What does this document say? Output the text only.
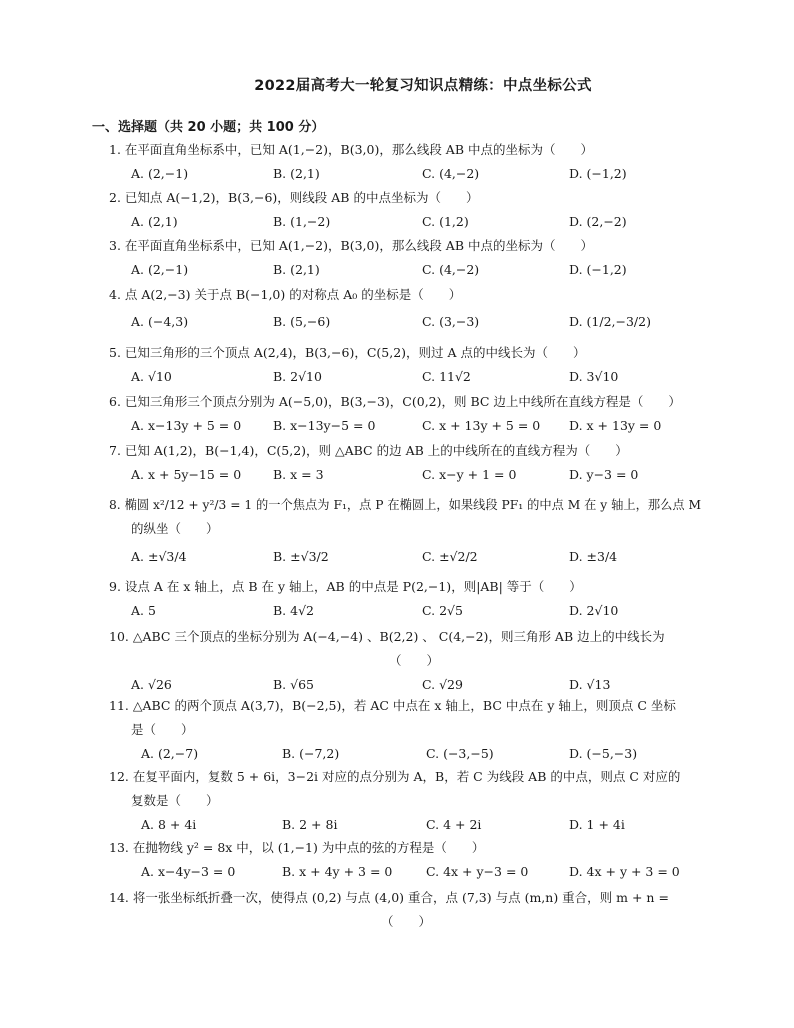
2022届高考大一轮复习知识点精练：中点坐标公式
一、选择题（共 20 小题；共 100 分）
1. 在平面直角坐标系中，已知 A(1,−2)，B(3,0)，那么线段 AB 中点的坐标为（　　）
A. (2,−1)	B. (2,1)	C. (4,−2)	D. (−1,2)
2. 已知点 A(−1,2)，B(3,−6)，则线段 AB 的中点坐标为（　　）
A. (2,1)	B. (1,−2)	C. (1,2)	D. (2,−2)
3. 在平面直角坐标系中，已知 A(1,−2)，B(3,0)，那么线段 AB 中点的坐标为（　　）
A. (2,−1)	B. (2,1)	C. (4,−2)	D. (−1,2)
4. 点 A(2,−3) 关于点 B(−1,0) 的对称点 A₀ 的坐标是（　　）
A. (−4,3)	B. (5,−6)	C. (3,−3)	D. (1/2,−3/2)
5. 已知三角形的三个顶点 A(2,4)，B(3,−6)，C(5,2)，则过 A 点的中线长为（　　）
A. √10	B. 2√10	C. 11√2	D. 3√10
6. 已知三角形三个顶点分别为 A(−5,0)，B(3,−3)，C(0,2)，则 BC 边上中线所在直线方程是（　　）
A. x−13y + 5 = 0	B. x−13y−5 = 0	C. x + 13y + 5 = 0 D. x + 13y = 0
7. 已知 A(1,2)，B(−1,4)，C(5,2)，则 △ABC 的边 AB 上的中线所在的直线方程为（　　）
A. x + 5y−15 = 0	B. x = 3	C. x−y + 1 = 0	D. y−3 = 0
8. 椭圆 x²/12 + y²/3 = 1 的一个焦点为 F₁，点 P 在椭圆上，如果线段 PF₁ 的中点 M 在 y 轴上，那么点 M
的纵坐（　　）
A. ±√3/4	B. ±√3/2	C. ±√2/2	D. ±3/4
9. 设点 A 在 x 轴上，点 B 在 y 轴上，AB 的中点是 P(2,−1)，则|AB| 等于（　　）
A. 5	B. 4√2	C. 2√5	D. 2√10
10. △ABC 三个顶点的坐标分别为 A(−4,−4) 、B(2,2) 、 C(4,−2)，则三角形 AB 边上的中线长为
（　　）
A. √26	B. √65	C. √29	D. √13
11. △ABC 的两个顶点 A(3,7)，B(−2,5)，若 AC 中点在 x 轴上，BC 中点在 y 轴上，则顶点 C 坐标
是（　　）
A. (2,−7)	B. (−7,2)	C. (−3,−5)	D. (−5,−3)
12. 在复平面内，复数 5 + 6i，3−2i 对应的点分别为 A，B，若 C 为线段 AB 的中点，则点 C 对应的
复数是（　　）
A. 8 + 4i	B. 2 + 8i	C. 4 + 2i	D. 1 + 4i
13. 在抛物线 y² = 8x 中，以 (1,−1) 为中点的弦的方程是（　　）
A. x−4y−3 = 0	B. x + 4y + 3 = 0	C. 4x + y−3 = 0	D. 4x + y + 3 = 0
14. 将一张坐标纸折叠一次，使得点 (0,2) 与点 (4,0) 重合，点 (7,3) 与点 (m,n) 重合，则 m + n =
（　　）
